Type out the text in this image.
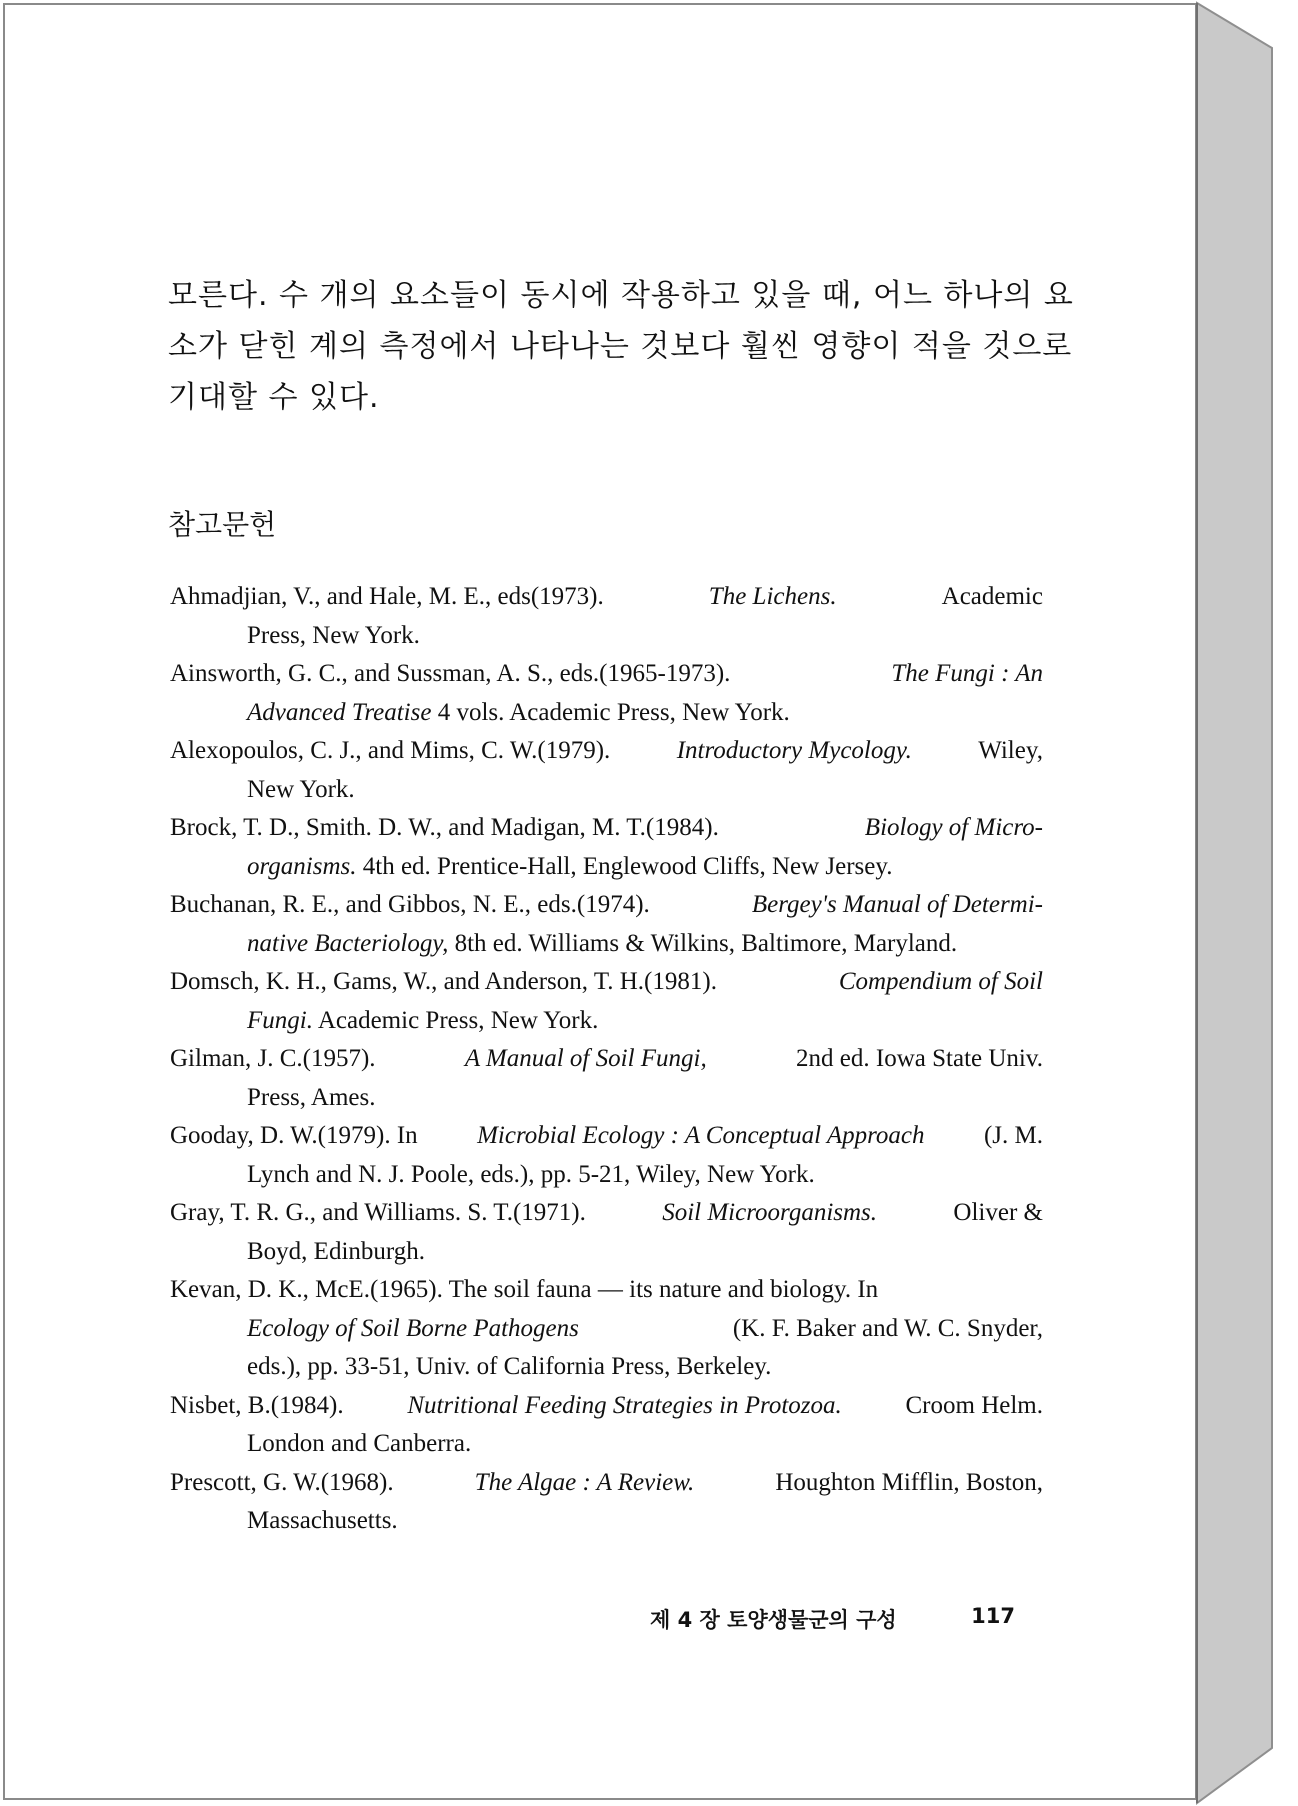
모른다. 수 개의 요소들이 동시에 작용하고 있을 때, 어느 하나의 요

소가 닫힌 계의 측정에서 나타나는 것보다 훨씬 영향이 적을 것으로

기대할 수 있다.

참고문헌
Ahmadjian, V., and Hale, M. E., eds(1973).	The Lichens.	Academic
Press, New York.
Ainsworth, G. C., and Sussman, A. S., eds.(1965-1973).	The Fungi : An
Advanced Treatise 4 vols. Academic Press, New York.
Alexopoulos, C. J., and Mims, C. W.(1979).	Introductory Mycology.	Wiley,
New York.
Brock, T. D., Smith. D. W., and Madigan, M. T.(1984).	Biology of Micro-
organisms. 4th ed. Prentice-Hall, Englewood Cliffs, New Jersey.
Buchanan, R. E., and Gibbos, N. E., eds.(1974).	Bergey's Manual of Determi-
native Bacteriology, 8th ed. Williams & Wilkins, Baltimore, Maryland.
Domsch, K. H., Gams, W., and Anderson, T. H.(1981).	Compendium of Soil
Fungi. Academic Press, New York.
Gilman, J. C.(1957).	A Manual of Soil Fungi,	2nd ed. Iowa State Univ.
Press, Ames.
Gooday, D. W.(1979). In Microbial Ecology : A Conceptual Approach (J. M.
Lynch and N. J. Poole, eds.), pp. 5-21, Wiley, New York.
Gray, T. R. G., and Williams. S. T.(1971).	Soil Microorganisms.	Oliver &
Boyd, Edinburgh.
Kevan, D. K., McE.(1965). The soil fauna — its nature and biology. In
Ecology of Soil Borne Pathogens	(K. F. Baker and W. C. Snyder,
eds.), pp. 33-51, Univ. of California Press, Berkeley.
Nisbet, B.(1984).	Nutritional Feeding Strategies in Protozoa.	Croom Helm.
London and Canberra.
Prescott, G. W.(1968).	The Algae : A Review.	Houghton Mifflin, Boston,
Massachusetts.
제 4 장 토양생물군의 구성	117
